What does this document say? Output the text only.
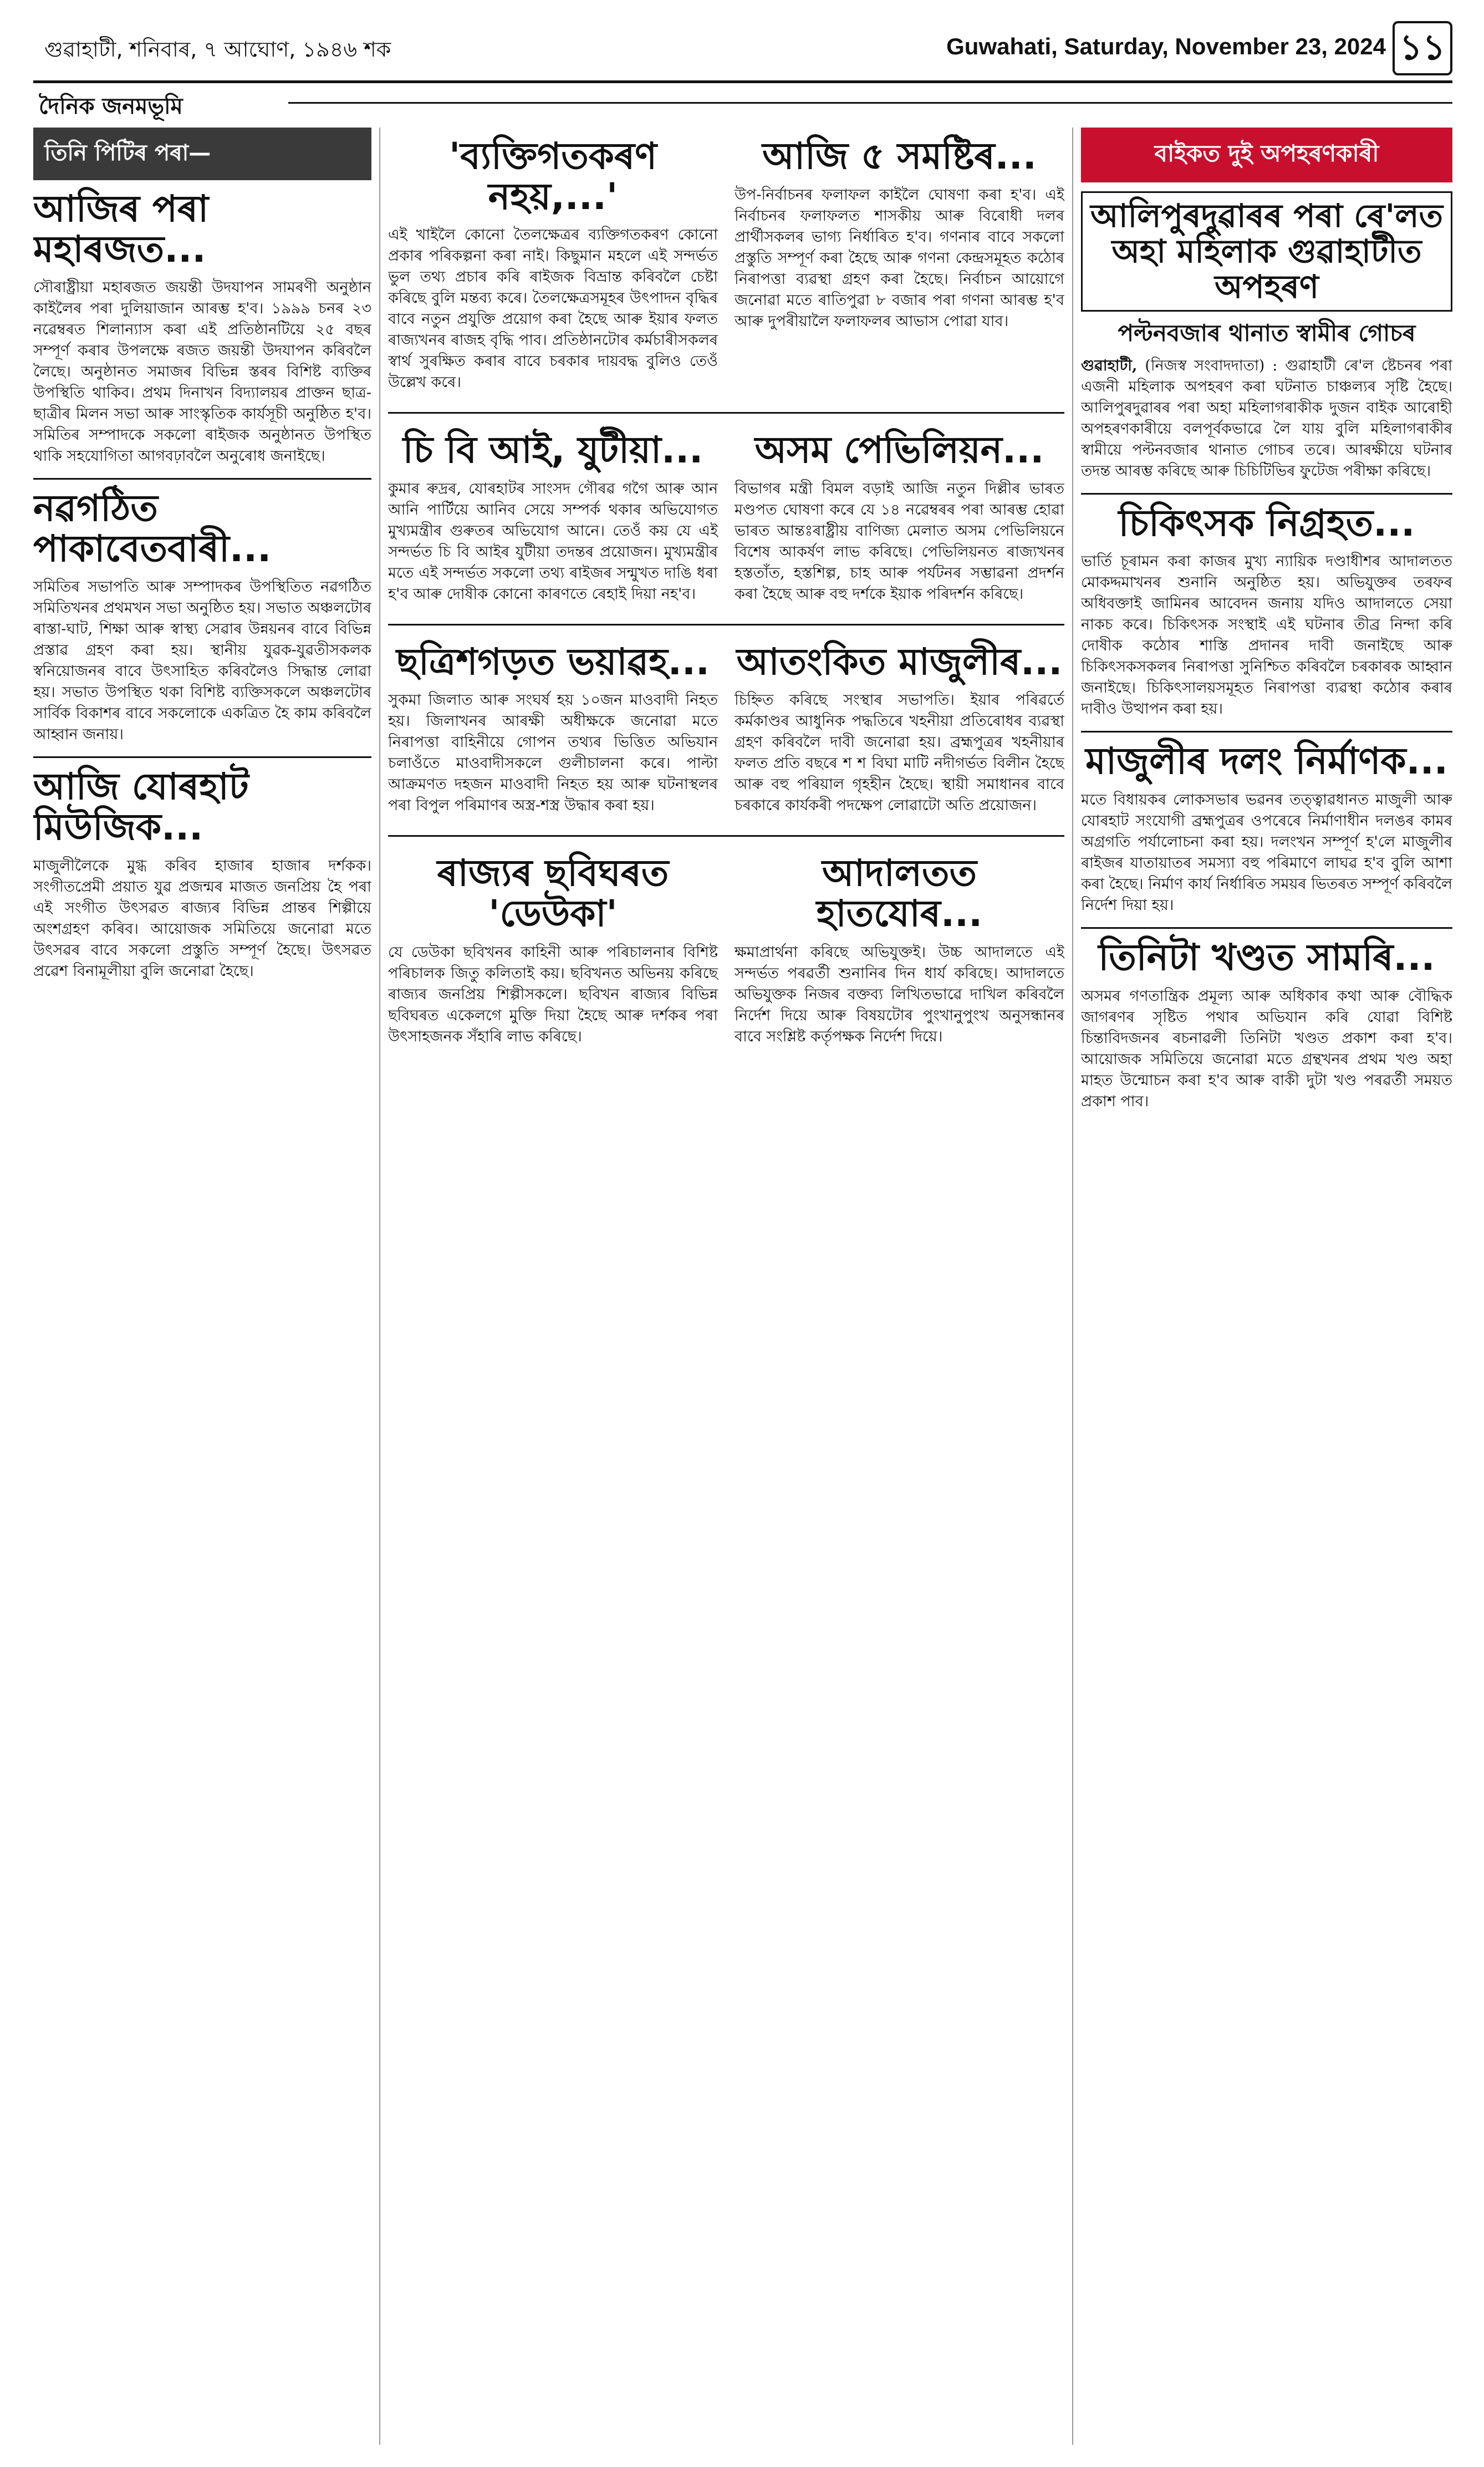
গুৱাহাটী, শনিবাৰ, ৭ আঘোণ, ১৯৪৬ শক	Guwahati, Saturday, November 23, 2024 ১১
দৈনিক জনমভূমি
তিনি পিটিৰ পৰা—
আজিৰ পৰা মহাৰজত...

সৌৰাষ্ট্ৰীয়া মহাৰজত জয়ন্তী উদযাপন সামৰণী অনুষ্ঠান কাইলৈৰ পৰা দুলিয়াজান আৰম্ভ হ'ব। ১৯৯৯ চনৰ ২৩ নৱেম্বৰত শিলান্যাস কৰা এই প্ৰতিষ্ঠানটিয়ে ২৫ বছৰ সম্পূৰ্ণ কৰাৰ উপলক্ষে ৰজত জয়ন্তী উদযাপন কৰিবলৈ লৈছে। অনুষ্ঠানত সমাজৰ বিভিন্ন স্তৰৰ বিশিষ্ট ব্যক্তিৰ উপস্থিতি থাকিব। প্ৰথম দিনাখন বিদ্যালয়ৰ প্ৰাক্তন ছাত্ৰ-ছাত্ৰীৰ মিলন সভা আৰু সাংস্কৃতিক কাৰ্যসূচী অনুষ্ঠিত হ'ব। সমিতিৰ সম্পাদকে সকলো ৰাইজক অনুষ্ঠানত উপস্থিত থাকি সহযোগিতা আগবঢ়াবলৈ অনুৰোধ জনাইছে।

নৱগঠিত পাকাবেতবাৰী...

সমিতিৰ সভাপতি আৰু সম্পাদকৰ উপস্থিতিত নৱগঠিত সমিতিখনৰ প্ৰথমখন সভা অনুষ্ঠিত হয়। সভাত অঞ্চলটোৰ ৰাস্তা-ঘাট, শিক্ষা আৰু স্বাস্থ্য সেৱাৰ উন্নয়নৰ বাবে বিভিন্ন প্ৰস্তাৱ গ্ৰহণ কৰা হয়। স্থানীয় যুৱক-যুৱতীসকলক স্বনিয়োজনৰ বাবে উৎসাহিত কৰিবলৈও সিদ্ধান্ত লোৱা হয়। সভাত উপস্থিত থকা বিশিষ্ট ব্যক্তিসকলে অঞ্চলটোৰ সাৰ্বিক বিকাশৰ বাবে সকলোকে একত্ৰিত হৈ কাম কৰিবলৈ আহ্বান জনায়।

আজি যোৰহাট মিউজিক...

মাজুলীলৈকে মুগ্ধ কৰিব হাজাৰ হাজাৰ দৰ্শকক। সংগীতপ্ৰেমী প্ৰয়াত যুৱ প্ৰজন্মৰ মাজত জনপ্ৰিয় হৈ পৰা এই সংগীত উৎসৱত ৰাজ্যৰ বিভিন্ন প্ৰান্তৰ শিল্পীয়ে অংশগ্ৰহণ কৰিব। আয়োজক সমিতিয়ে জনোৱা মতে উৎসৱৰ বাবে সকলো প্ৰস্তুতি সম্পূৰ্ণ হৈছে। উৎসৱত প্ৰৱেশ বিনামূলীয়া বুলি জনোৱা হৈছে।

'ব্যক্তিগতকৰণ নহয়,...'

এই খাইলৈ কোনো তৈলক্ষেত্ৰৰ ব্যক্তিগতকৰণ কোনো প্ৰকাৰ পৰিকল্পনা কৰা নাই। কিছুমান মহলে এই সন্দৰ্ভত ভুল তথ্য প্ৰচাৰ কৰি ৰাইজক বিভ্ৰান্ত কৰিবলৈ চেষ্টা কৰিছে বুলি মন্তব্য কৰে। তৈলক্ষেত্ৰসমূহৰ উৎপাদন বৃদ্ধিৰ বাবে নতুন প্ৰযুক্তি প্ৰয়োগ কৰা হৈছে আৰু ইয়াৰ ফলত ৰাজ্যখনৰ ৰাজহ বৃদ্ধি পাব। প্ৰতিষ্ঠানটোৰ কৰ্মচাৰীসকলৰ স্বাৰ্থ সুৰক্ষিত কৰাৰ বাবে চৰকাৰ দায়বদ্ধ বুলিও তেওঁ উল্লেখ কৰে।

আজি ৫ সমষ্টিৰ...

উপ-নিৰ্বাচনৰ ফলাফল কাইলৈ ঘোষণা কৰা হ'ব। এই নিৰ্বাচনৰ ফলাফলত শাসকীয় আৰু বিৰোধী দলৰ প্ৰাৰ্থীসকলৰ ভাগ্য নিৰ্ধাৰিত হ'ব। গণনাৰ বাবে সকলো প্ৰস্তুতি সম্পূৰ্ণ কৰা হৈছে আৰু গণনা কেন্দ্ৰসমূহত কঠোৰ নিৰাপত্তা ব্যৱস্থা গ্ৰহণ কৰা হৈছে। নিৰ্বাচন আয়োগে জনোৱা মতে ৰাতিপুৱা ৮ বজাৰ পৰা গণনা আৰম্ভ হ'ব আৰু দুপৰীয়ালৈ ফলাফলৰ আভাস পোৱা যাব।

চি বি আই, যুটীয়া...

কুমাৰ ৰুদ্ৰৰ, যোৰহাটৰ সাংসদ গৌৰৱ গগৈ আৰু আন আনি পাৰ্টিয়ে আনিব সেয়ে সম্পৰ্ক থকাৰ অভিযোগত মুখ্যমন্ত্ৰীৰ গুৰুতৰ অভিযোগ আনে। তেওঁ কয় যে এই সন্দৰ্ভত চি বি আইৰ যুটীয়া তদন্তৰ প্ৰয়োজন। মুখ্যমন্ত্ৰীৰ মতে এই সন্দৰ্ভত সকলো তথ্য ৰাইজৰ সন্মুখত দাঙি ধৰা হ'ব আৰু দোষীক কোনো কাৰণতে ৰেহাই দিয়া নহ'ব।

অসম পেভিলিয়ন...

বিভাগৰ মন্ত্ৰী বিমল বড়াই আজি নতুন দিল্লীৰ ভাৰত মণ্ডপত ঘোষণা কৰে যে ১৪ নৱেম্বৰৰ পৰা আৰম্ভ হোৱা ভাৰত আন্তঃৰাষ্ট্ৰীয় বাণিজ্য মেলাত অসম পেভিলিয়নে বিশেষ আকৰ্ষণ লাভ কৰিছে। পেভিলিয়নত ৰাজ্যখনৰ হস্ততাঁত, হস্তশিল্প, চাহ আৰু পৰ্যটনৰ সম্ভাৱনা প্ৰদৰ্শন কৰা হৈছে আৰু বহু দৰ্শকে ইয়াক পৰিদৰ্শন কৰিছে।

ছত্ৰিশগড়ত ভয়াৱহ...

সুকমা জিলাত আৰু সংঘৰ্ষ হয় ১০জন মাওবাদী নিহত হয়। জিলাখনৰ আৰক্ষী অধীক্ষকে জনোৱা মতে নিৰাপত্তা বাহিনীয়ে গোপন তথ্যৰ ভিত্তিত অভিযান চলাওঁতে মাওবাদীসকলে গুলীচালনা কৰে। পাল্টা আক্ৰমণত দহজন মাওবাদী নিহত হয় আৰু ঘটনাস্থলৰ পৰা বিপুল পৰিমাণৰ অস্ত্ৰ-শস্ত্ৰ উদ্ধাৰ কৰা হয়।

আতংকিত মাজুলীৰ...

চিহ্নিত কৰিছে সংস্থাৰ সভাপতি। ইয়াৰ পৰিৱৰ্তে কৰ্মকাণ্ডৰ আধুনিক পদ্ধতিৰে খহনীয়া প্ৰতিৰোধৰ ব্যৱস্থা গ্ৰহণ কৰিবলৈ দাবী জনোৱা হয়। ব্ৰহ্মপুত্ৰৰ খহনীয়াৰ ফলত প্ৰতি বছৰে শ শ বিঘা মাটি নদীগৰ্ভত বিলীন হৈছে আৰু বহু পৰিয়াল গৃহহীন হৈছে। স্থায়ী সমাধানৰ বাবে চৰকাৰে কাৰ্যকৰী পদক্ষেপ লোৱাটো অতি প্ৰয়োজন।

ৰাজ্যৰ ছবিঘৰত 'ডেউকা'

যে ডেউকা ছবিখনৰ কাহিনী আৰু পৰিচালনাৰ বিশিষ্ট পৰিচালক জিতু কলিতাই কয়। ছবিখনত অভিনয় কৰিছে ৰাজ্যৰ জনপ্ৰিয় শিল্পীসকলে। ছবিখন ৰাজ্যৰ বিভিন্ন ছবিঘৰত একেলগে মুক্তি দিয়া হৈছে আৰু দৰ্শকৰ পৰা উৎসাহজনক সঁহাৰি লাভ কৰিছে।

আদালতত হাতযোৰ...

ক্ষমাপ্ৰাৰ্থনা কৰিছে অভিযুক্তই। উচ্চ আদালতে এই সন্দৰ্ভত পৰৱৰ্তী শুনানিৰ দিন ধাৰ্য কৰিছে। আদালতে অভিযুক্তক নিজৰ বক্তব্য লিখিতভাৱে দাখিল কৰিবলৈ নিৰ্দেশ দিয়ে আৰু বিষয়টোৰ পুংখানুপুংখ অনুসন্ধানৰ বাবে সংশ্লিষ্ট কৰ্তৃপক্ষক নিৰ্দেশ দিয়ে।

বাইকত দুই অপহৰণকাৰী
আলিপুৰদুৱাৰৰ পৰা ৰে'লত অহা মহিলাক গুৱাহাটীত অপহৰণ
পল্টনবজাৰ থানাত স্বামীৰ গোচৰ

গুৱাহাটী, (নিজস্ব সংবাদদাতা) : গুৱাহাটী ৰে'ল ষ্টেচনৰ পৰা এজনী মহিলাক অপহৰণ কৰা ঘটনাত চাঞ্চল্যৰ সৃষ্টি হৈছে। আলিপুৰদুৱাৰৰ পৰা অহা মহিলাগৰাকীক দুজন বাইক আৰোহী অপহৰণকাৰীয়ে বলপূৰ্বকভাৱে লৈ যায় বুলি মহিলাগৰাকীৰ স্বামীয়ে পল্টনবজাৰ থানাত গোচৰ তৰে। আৰক্ষীয়ে ঘটনাৰ তদন্ত আৰম্ভ কৰিছে আৰু চিচিটিভিৰ ফুটেজ পৰীক্ষা কৰিছে।

চিকিৎসক নিগ্ৰহত...

ভাৰ্তি চূৰামন কৰা কাজৰ মুখ্য ন্যায়িক দণ্ডাধীশৰ আদালতত মোকদ্দমাখনৰ শুনানি অনুষ্ঠিত হয়। অভিযুক্তৰ তৰফৰ অধিবক্তাই জামিনৰ আবেদন জনায় যদিও আদালতে সেয়া নাকচ কৰে। চিকিৎসক সংস্থাই এই ঘটনাৰ তীব্ৰ নিন্দা কৰি দোষীক কঠোৰ শাস্তি প্ৰদানৰ দাবী জনাইছে আৰু চিকিৎসকসকলৰ নিৰাপত্তা সুনিশ্চিত কৰিবলৈ চৰকাৰক আহ্বান জনাইছে। চিকিৎসালয়সমূহত নিৰাপত্তা ব্যৱস্থা কঠোৰ কৰাৰ দাবীও উত্থাপন কৰা হয়।

মাজুলীৰ দলং নিৰ্মাণক...

মতে বিধায়কৰ লোকসভাৰ ভৱনৰ তত্ত্বাৱধানত মাজুলী আৰু যোৰহাট সংযোগী ব্ৰহ্মপুত্ৰৰ ওপৰেৰে নিৰ্মাণাধীন দলঙৰ কামৰ অগ্ৰগতি পৰ্যালোচনা কৰা হয়। দলংখন সম্পূৰ্ণ হ'লে মাজুলীৰ ৰাইজৰ যাতায়াতৰ সমস্যা বহু পৰিমাণে লাঘৱ হ'ব বুলি আশা কৰা হৈছে। নিৰ্মাণ কাৰ্য নিৰ্ধাৰিত সময়ৰ ভিতৰত সম্পূৰ্ণ কৰিবলৈ নিৰ্দেশ দিয়া হয়।

তিনিটা খণ্ডত সামৰি...

অসমৰ গণতান্ত্ৰিক প্ৰমূল্য আৰু অধিকাৰ কথা আৰু বৌদ্ধিক জাগৰণৰ সৃষ্টিত পথাৰ অভিযান কৰি যোৱা বিশিষ্ট চিন্তাবিদজনৰ ৰচনাৱলী তিনিটা খণ্ডত প্ৰকাশ কৰা হ'ব। আয়োজক সমিতিয়ে জনোৱা মতে গ্ৰন্থখনৰ প্ৰথম খণ্ড অহা মাহত উন্মোচন কৰা হ'ব আৰু বাকী দুটা খণ্ড পৰৱৰ্তী সময়ত প্ৰকাশ পাব।
